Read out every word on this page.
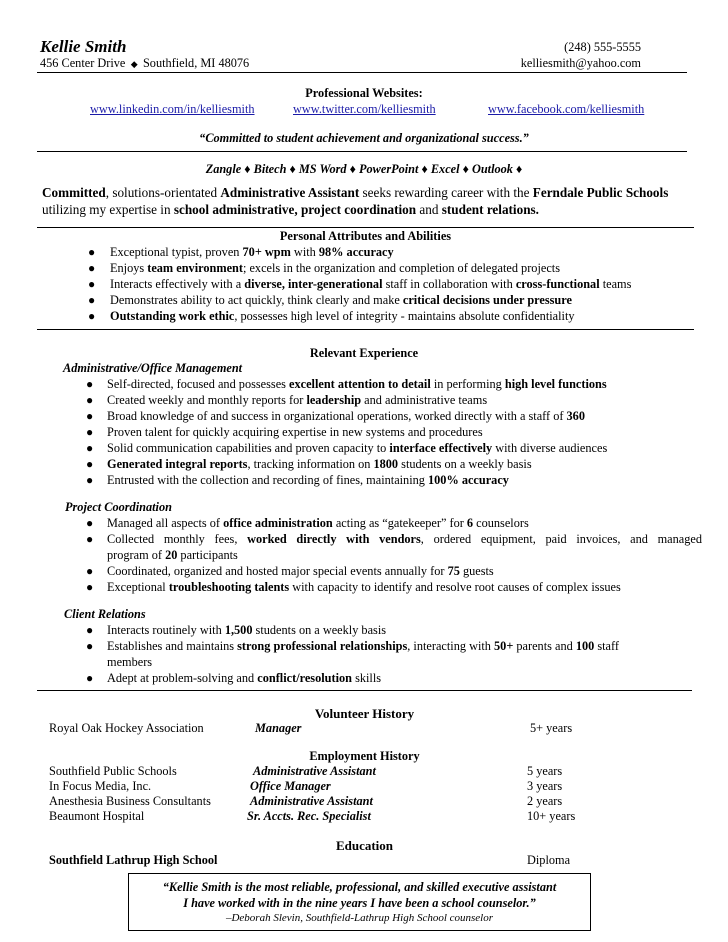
Kellie Smith	(248) 555-5555
456 Center Drive  ◆  Southfield, MI 48076	kelliesmith@yahoo.com
Professional Websites:
www.linkedin.com/in/kelliesmith	www.twitter.com/kelliesmith	www.facebook.com/kelliesmith
“Committed to student achievement and organizational success.”
Zangle ♦ Bitech ♦ MS Word ♦ PowerPoint ♦ Excel ♦ Outlook ♦
Committed, solutions-orientated Administrative Assistant seeks rewarding career with the Ferndale Public Schools utilizing my expertise in school administrative, project coordination and student relations.
Personal Attributes and Abilities
● Exceptional typist, proven 70+ wpm with 98% accuracy
● Enjoys team environment; excels in the organization and completion of delegated projects
● Interacts effectively with a diverse, inter-generational staff in collaboration with cross-functional teams
● Demonstrates ability to act quickly, think clearly and make critical decisions under pressure
● Outstanding work ethic, possesses high level of integrity - maintains absolute confidentiality
Relevant Experience
Administrative/Office Management
● Self-directed, focused and possesses excellent attention to detail in performing high level functions
● Created weekly and monthly reports for leadership and administrative teams
● Broad knowledge of and success in organizational operations, worked directly with a staff of 360
● Proven talent for quickly acquiring expertise in new systems and procedures
● Solid communication capabilities and proven capacity to interface effectively with diverse audiences
● Generated integral reports, tracking information on 1800 students on a weekly basis
● Entrusted with the collection and recording of fines, maintaining 100% accuracy
Project Coordination
● Managed all aspects of office administration acting as “gatekeeper” for 6 counselors
● Collected monthly fees, worked directly with vendors, ordered equipment, paid invoices, and managed
program of 20 participants
● Coordinated, organized and hosted major special events annually for 75 guests
● Exceptional troubleshooting talents with capacity to identify and resolve root causes of complex issues
Client Relations
● Interacts routinely with 1,500 students on a weekly basis
● Establishes and maintains strong professional relationships, interacting with 50+ parents and 100 staff
members
● Adept at problem-solving and conflict/resolution skills
Volunteer History
Royal Oak Hockey Association	Manager	5+ years
Employment History
Southfield Public Schools	Administrative Assistant	5 years
In Focus Media, Inc.	Office Manager	3 years
Anesthesia Business Consultants	Administrative Assistant	2 years
Beaumont Hospital	Sr. Accts. Rec. Specialist	10+ years
Education
Southfield Lathrup High School	Diploma
“Kellie Smith is the most reliable, professional, and skilled executive assistant
I have worked with in the nine years I have been a school counselor.”
–Deborah Slevin, Southfield-Lathrup High School counselor
